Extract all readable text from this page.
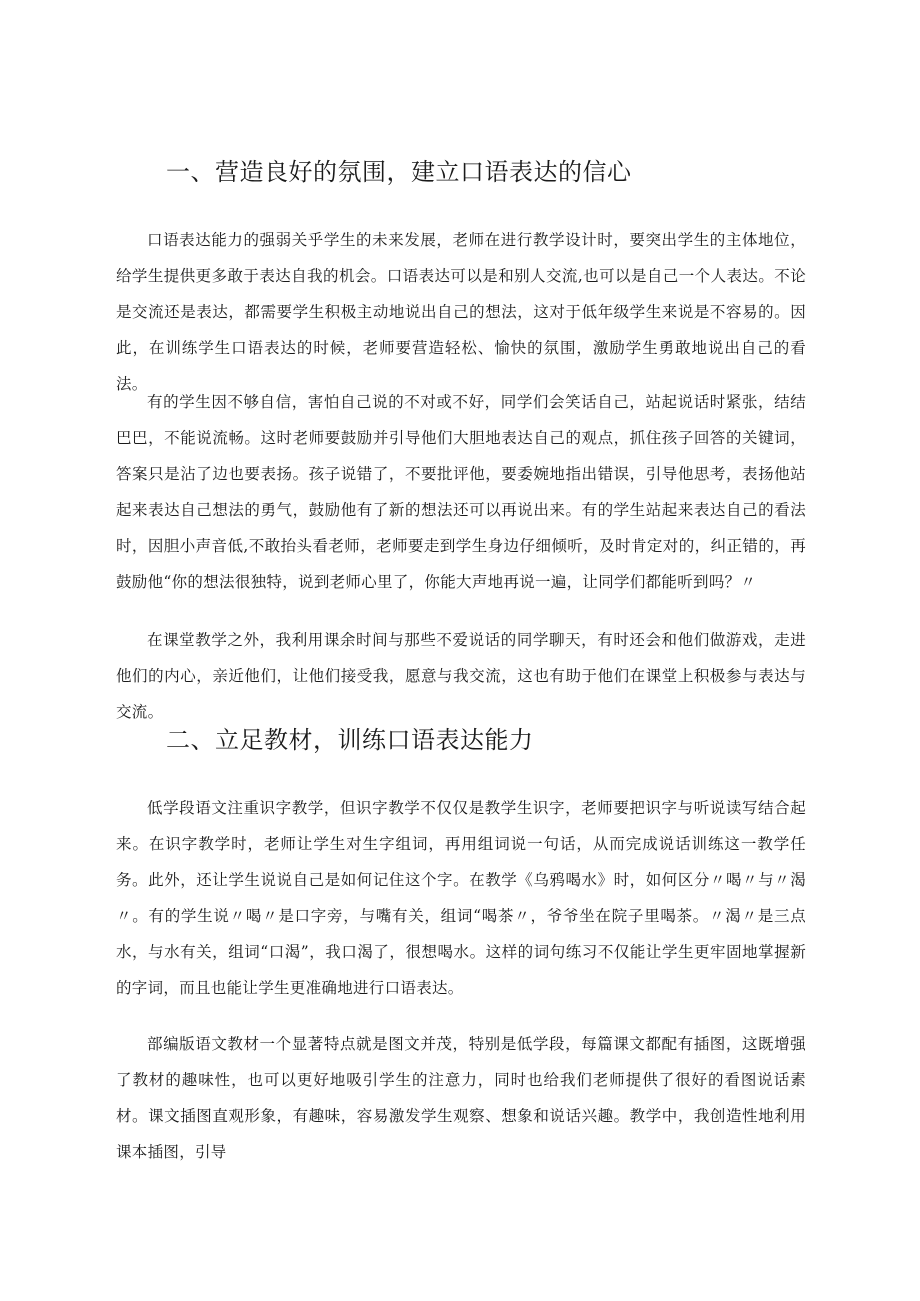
一、营造良好的氛围，建立口语表达的信心

口语表达能力的强弱关乎学生的未来发展，老师在进行教学设计时，要突出学生的主体地位，给学生提供更多敢于表达自我的机会。口语表达可以是和别人交流,也可以是自己一个人表达。不论是交流还是表达，都需要学生积极主动地说出自己的想法，这对于低年级学生来说是不容易的。因此，在训练学生口语表达的时候，老师要营造轻松、愉快的氛围，激励学生勇敢地说出自己的看法。

有的学生因不够自信，害怕自己说的不对或不好，同学们会笑话自己，站起说话时紧张，结结巴巴，不能说流畅。这时老师要鼓励并引导他们大胆地表达自己的观点，抓住孩子回答的关键词，答案只是沾了边也要表扬。孩子说错了，不要批评他，要委婉地指出错误，引导他思考，表扬他站起来表达自己想法的勇气，鼓励他有了新的想法还可以再说出来。有的学生站起来表达自己的看法时，因胆小声音低,不敢抬头看老师，老师要走到学生身边仔细倾听，及时肯定对的，纠正错的，再鼓励他“你的想法很独特，说到老师心里了，你能大声地再说一遍，让同学们都能听到吗？〃

在课堂教学之外，我利用课余时间与那些不爱说话的同学聊天，有时还会和他们做游戏，走进他们的内心，亲近他们，让他们接受我，愿意与我交流，这也有助于他们在课堂上积极参与表达与交流。

二、立足教材，训练口语表达能力

低学段语文注重识字教学，但识字教学不仅仅是教学生识字，老师要把识字与听说读写结合起来。在识字教学时，老师让学生对生字组词，再用组词说一句话，从而完成说话训练这一教学任务。此外，还让学生说说自己是如何记住这个字。在教学《乌鸦喝水》时，如何区分〃喝〃与〃渴〃。有的学生说〃喝〃是口字旁，与嘴有关，组词“喝茶〃，爷爷坐在院子里喝茶。〃渴〃是三点水，与水有关，组词“口渴”，我口渴了，很想喝水。这样的词句练习不仅能让学生更牢固地掌握新的字词，而且也能让学生更准确地进行口语表达。

部编版语文教材一个显著特点就是图文并茂，特别是低学段，每篇课文都配有插图，这既增强了教材的趣味性，也可以更好地吸引学生的注意力，同时也给我们老师提供了很好的看图说话素材。课文插图直观形象，有趣味，容易激发学生观察、想象和说话兴趣。教学中，我创造性地利用课本插图，引导
